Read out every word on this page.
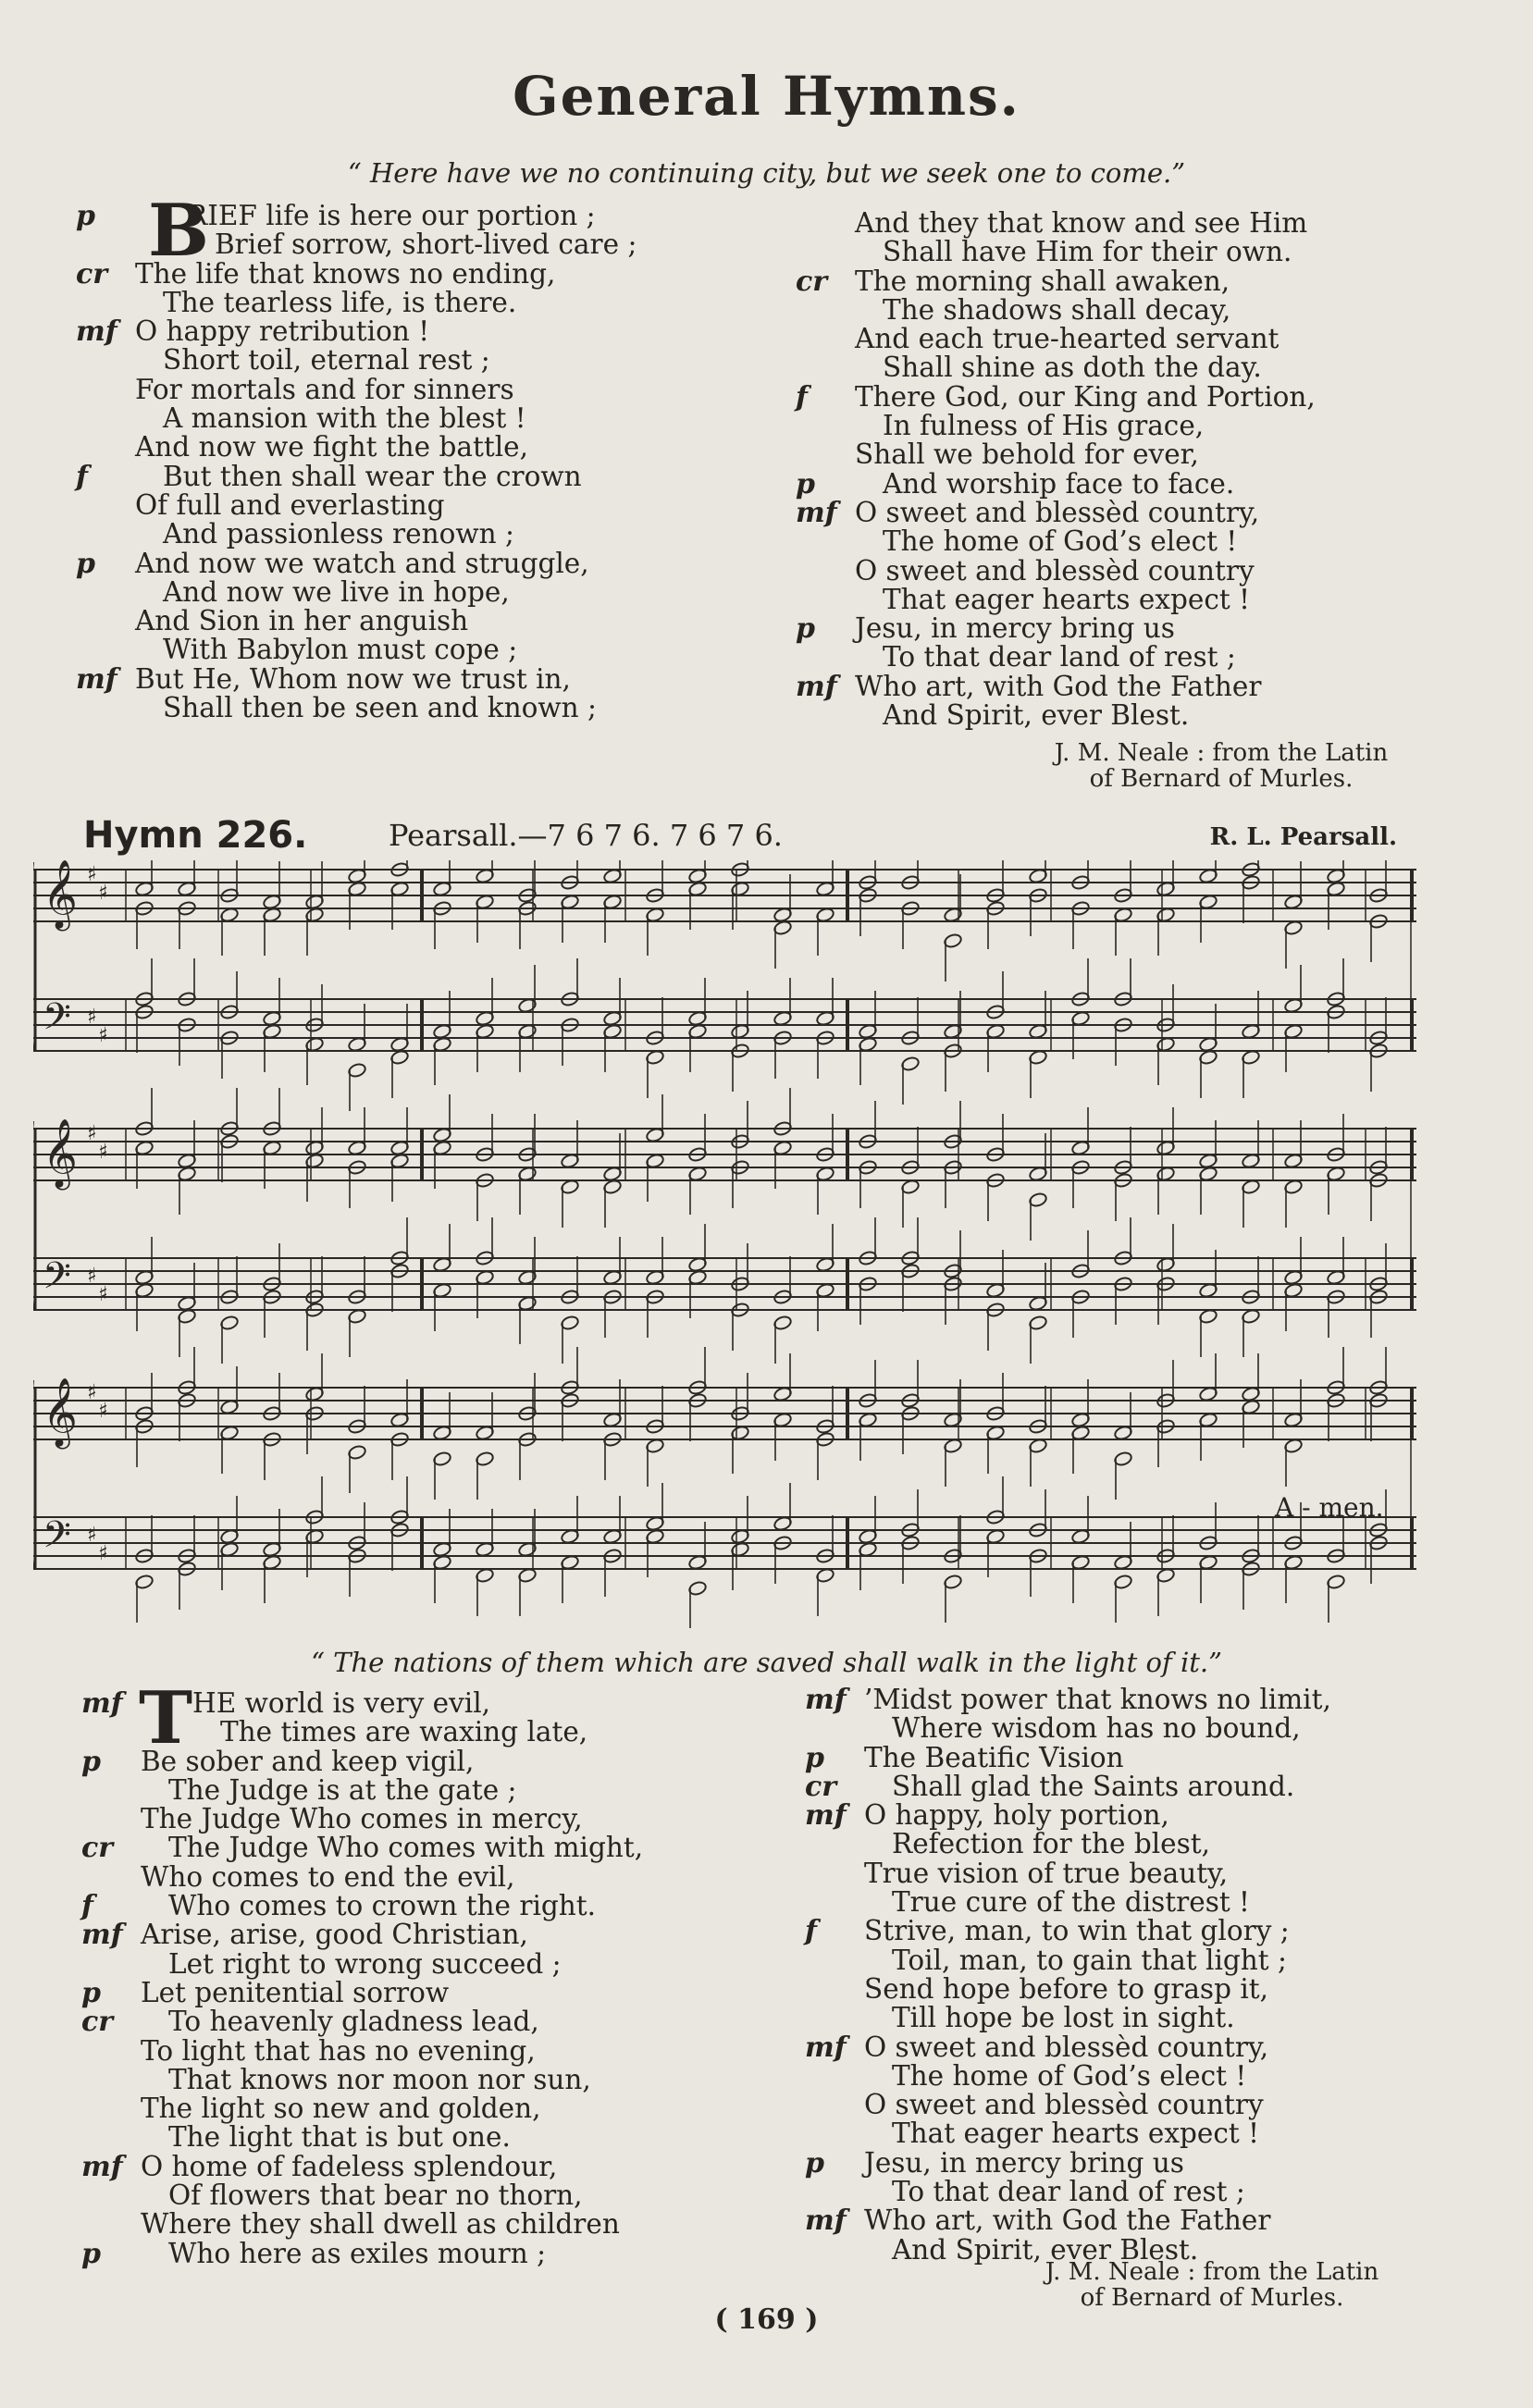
General Hymns.
“ Here have we no continuing city, but we seek one to come.”
B
p	RIEF life is here our portion ;
Brief sorrow, short-lived care ;
cr	The life that knows no ending,
The tearless life, is there.
mf O happy retribution !
Short toil, eternal rest ;
For mortals and for sinners
A mansion with the blest !
And now we fight the battle,
f	But then shall wear the crown
Of full and everlasting
And passionless renown ;
p	And now we watch and struggle,
And now we live in hope,
And Sion in her anguish
With Babylon must cope ;
mf But He, Whom now we trust in,
Shall then be seen and known ;
And they that know and see Him
Shall have Him for their own.
cr	The morning shall awaken,
The shadows shall decay,
And each true-hearted servant
Shall shine as doth the day.
f	There God, our King and Portion,
In fulness of His grace,
Shall we behold for ever,
p	And worship face to face.
mf O sweet and blessèd country,
The home of God’s elect !
O sweet and blessèd country
That eager hearts expect !
p	Jesu, in mercy bring us
To that dear land of rest ;
mf Who art, with God the Father
And Spirit, ever Blest.
J. M. Neale : from the Latin
of Bernard of Murles.
Hymn 226.	Pearsall.—7 6 7 6. 7 6 7 6.	R. L. Pearsall.
𝄞
𝄢
♯
♯
♯
♯
𝄞
𝄢
♯
♯
♯
♯
𝄞
𝄢
♯
♯
♯
♯
A - men.
“ The nations of them which are saved shall walk in the light of it.”
T
mf	HE world is very evil,
The times are waxing late,
p	Be sober and keep vigil,
The Judge is at the gate ;
The Judge Who comes in mercy,
cr	The Judge Who comes with might,
Who comes to end the evil,
f	Who comes to crown the right.
mf Arise, arise, good Christian,
Let right to wrong succeed ;
p	Let penitential sorrow
cr	To heavenly gladness lead,
To light that has no evening,
That knows nor moon nor sun,
The light so new and golden,
The light that is but one.
mf O home of fadeless splendour,
Of flowers that bear no thorn,
Where they shall dwell as children
p	Who here as exiles mourn ;
mf ’Midst power that knows no limit,
Where wisdom has no bound,
p	The Beatific Vision
cr	Shall glad the Saints around.
mf O happy, holy portion,
Refection for the blest,
True vision of true beauty,
True cure of the distrest !
f	Strive, man, to win that glory ;
Toil, man, to gain that light ;
Send hope before to grasp it,
Till hope be lost in sight.
mf O sweet and blessèd country,
The home of God’s elect !
O sweet and blessèd country
That eager hearts expect !
p	Jesu, in mercy bring us
To that dear land of rest ;
mf Who art, with God the Father
And Spirit, ever Blest.
J. M. Neale : from the Latin
of Bernard of Murles.
( 169 )
